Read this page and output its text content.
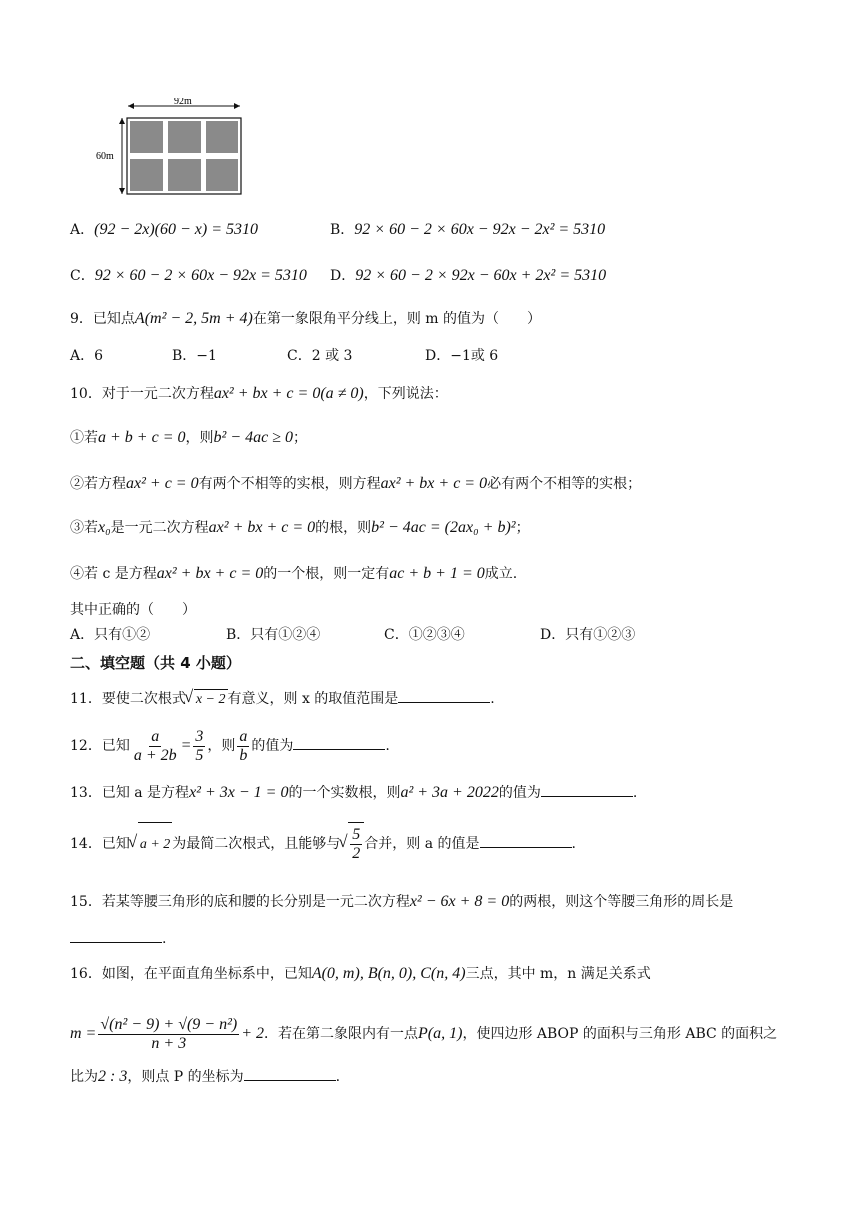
92m
60m
A．(92 − 2x)(60 − x) = 5310	B．92 × 60 − 2 × 60x − 92x − 2x² = 5310
C．92 × 60 − 2 × 60x − 92x = 5310 D．92 × 60 − 2 × 92x − 60x + 2x² = 5310
9．已知点A(m² − 2, 5m + 4)在第一象限角平分线上，则 m 的值为（　　）
A．6	B．−1	C．2 或 3	D．−1或 6
10．对于一元二次方程ax² + bx + c = 0(a ≠ 0)，下列说法：
①若a + b + c = 0，则b² − 4ac ≥ 0；
②若方程ax² + c = 0有两个不相等的实根，则方程ax² + bx + c = 0必有两个不相等的实根；
③若x₀是一元二次方程ax² + bx + c = 0的根，则b² − 4ac = (2ax₀ + b)²；
④若 c 是方程ax² + bx + c = 0的一个根，则一定有ac + b + 1 = 0成立.
其中正确的（　　）
A．只有①②	B．只有①②④	C．①②③④	D．只有①②③
二、填空题（共 4 小题）
11．要使二次根式 √ x − 2 有意义，则 x 的取值范围是	.
12．已知 $\frac{a}{a + 2b} = \frac{3}{5}$ ，则 $\frac{a}{b}$ 的值为	.
13．已知 a 是方程x² + 3x − 1 = 0的一个实数根，则a² + 3a + 2022的值为	.
14．已知 √ a + 2 为最简二次根式，且能够与 √ $\frac{5}{2}$ 合并，则 a 的值是	.
15．若某等腰三角形的底和腰的长分别是一元二次方程x² − 6x + 8 = 0的两根，则这个等腰三角形的周长是
.
16．如图，在平面直角坐标系中，已知A(0, m), B(n, 0), C(n, 4)三点，其中 m，n 满足关系式
$m = \frac{\text{√(n² − 9) + √(9 − n²)}}{n + 3} + 2$．若在第二象限内有一点P(a, 1)，使四边形 ABOP 的面积与三角形 ABC 的面积之
比为2 : 3，则点 P 的坐标为	.
